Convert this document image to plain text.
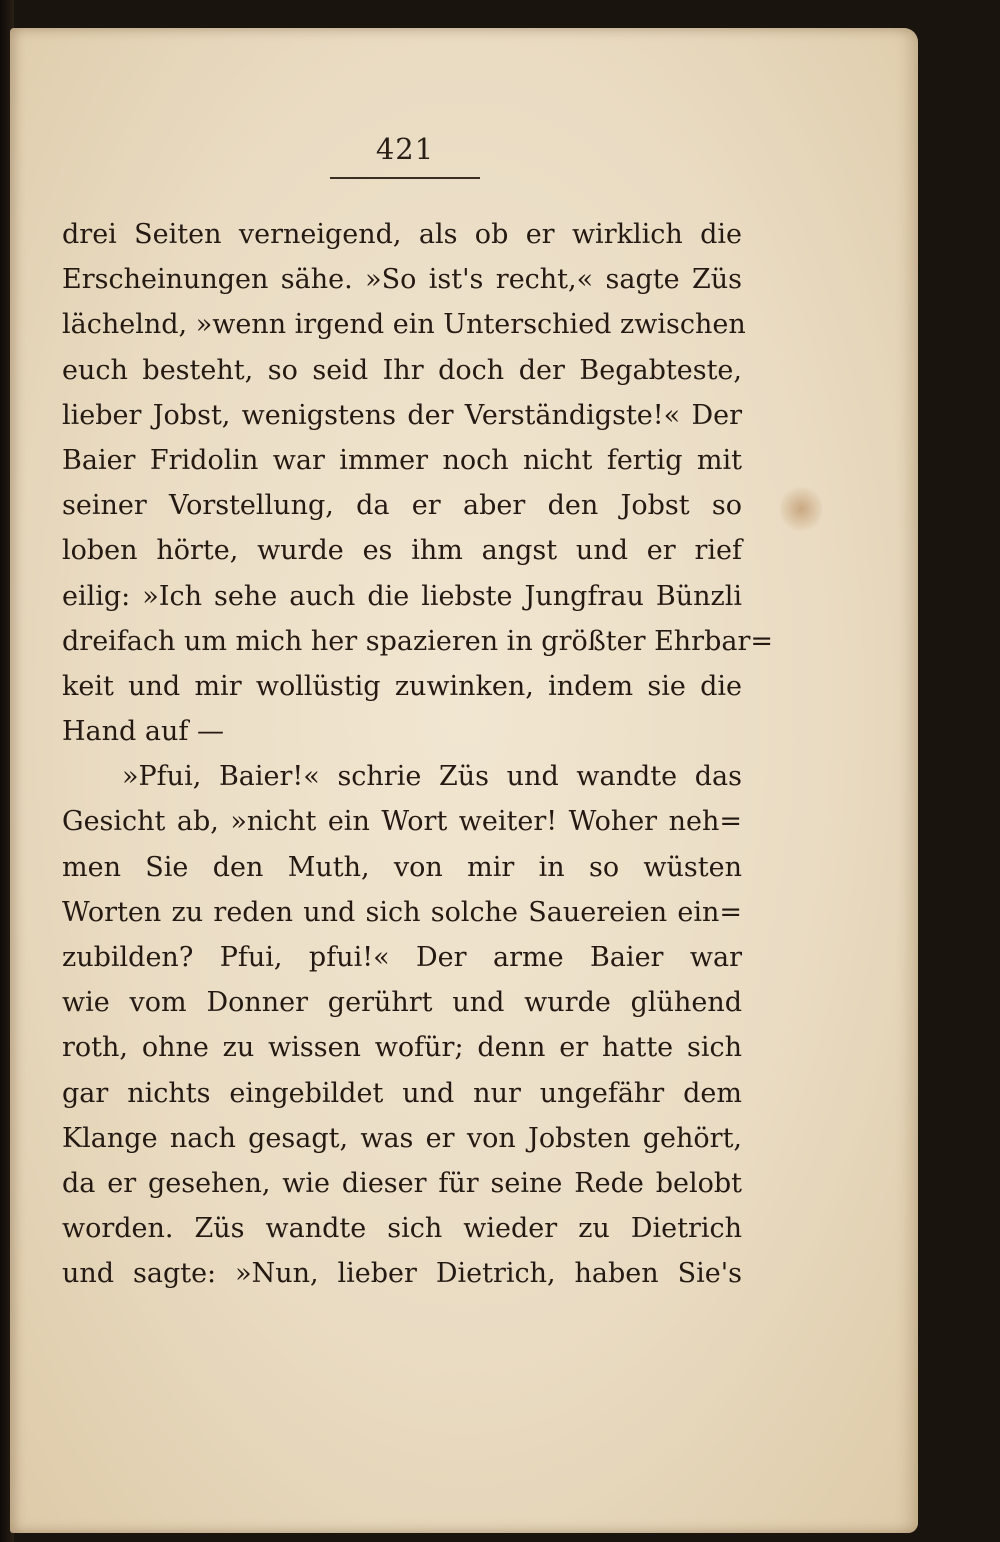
421
drei Seiten verneigend, als ob er wirklich die
Erscheinungen sähe. »So ist's recht,« sagte Züs
lächelnd, »wenn irgend ein Unterschied zwischen
euch besteht, so seid Ihr doch der Begabteste,
lieber Jobst, wenigstens der Verständigste!« Der
Baier Fridolin war immer noch nicht fertig mit
seiner Vorstellung, da er aber den Jobst so
loben hörte, wurde es ihm angst und er rief
eilig: »Ich sehe auch die liebste Jungfrau Bünzli
dreifach um mich her spazieren in größter Ehrbar=
keit und mir wollüstig zuwinken, indem sie die
Hand auf —
»Pfui, Baier!« schrie Züs und wandte das
Gesicht ab, »nicht ein Wort weiter! Woher neh=
men Sie den Muth, von mir in so wüsten
Worten zu reden und sich solche Sauereien ein=
zubilden? Pfui, pfui!« Der arme Baier war
wie vom Donner gerührt und wurde glühend
roth, ohne zu wissen wofür; denn er hatte sich
gar nichts eingebildet und nur ungefähr dem
Klange nach gesagt, was er von Jobsten gehört,
da er gesehen, wie dieser für seine Rede belobt
worden. Züs wandte sich wieder zu Dietrich
und sagte: »Nun, lieber Dietrich, haben Sie's
